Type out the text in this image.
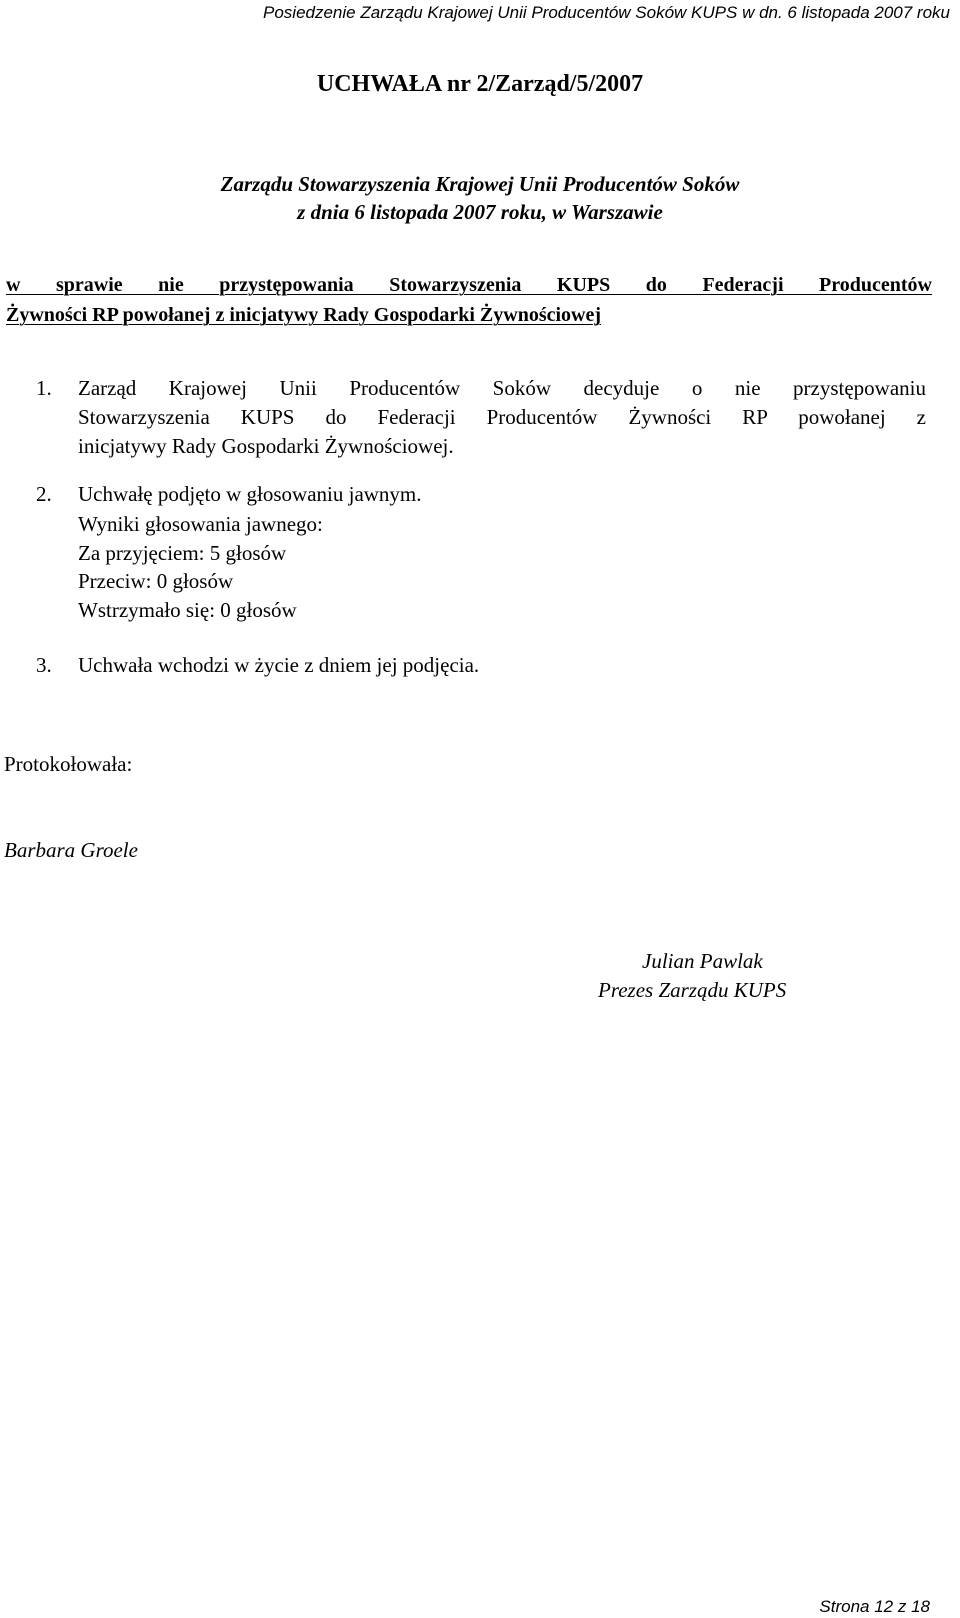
Posiedzenie Zarządu Krajowej Unii Producentów Soków KUPS w dn. 6 listopada 2007 roku
UCHWAŁA nr 2/Zarząd/5/2007
Zarządu Stowarzyszenia Krajowej Unii Producentów Soków
z dnia 6 listopada 2007 roku, w Warszawie
w sprawie nie przystępowania Stowarzyszenia KUPS do Federacji Producentów
Żywności RP powołanej z inicjatywy Rady Gospodarki Żywnościowej
1. Zarząd Krajowej Unii Producentów Soków decyduje o nie przystępowaniu
Stowarzyszenia KUPS do Federacji Producentów Żywności RP powołanej z
inicjatywy Rady Gospodarki Żywnościowej.
2. Uchwałę podjęto w głosowaniu jawnym.
Wyniki głosowania jawnego:
Za przyjęciem: 5 głosów
Przeciw: 0 głosów
Wstrzymało się: 0 głosów
3. Uchwała wchodzi w życie z dniem jej podjęcia.
Protokołowała:
Barbara Groele
Julian Pawlak
Prezes Zarządu KUPS
Strona 12 z 18
